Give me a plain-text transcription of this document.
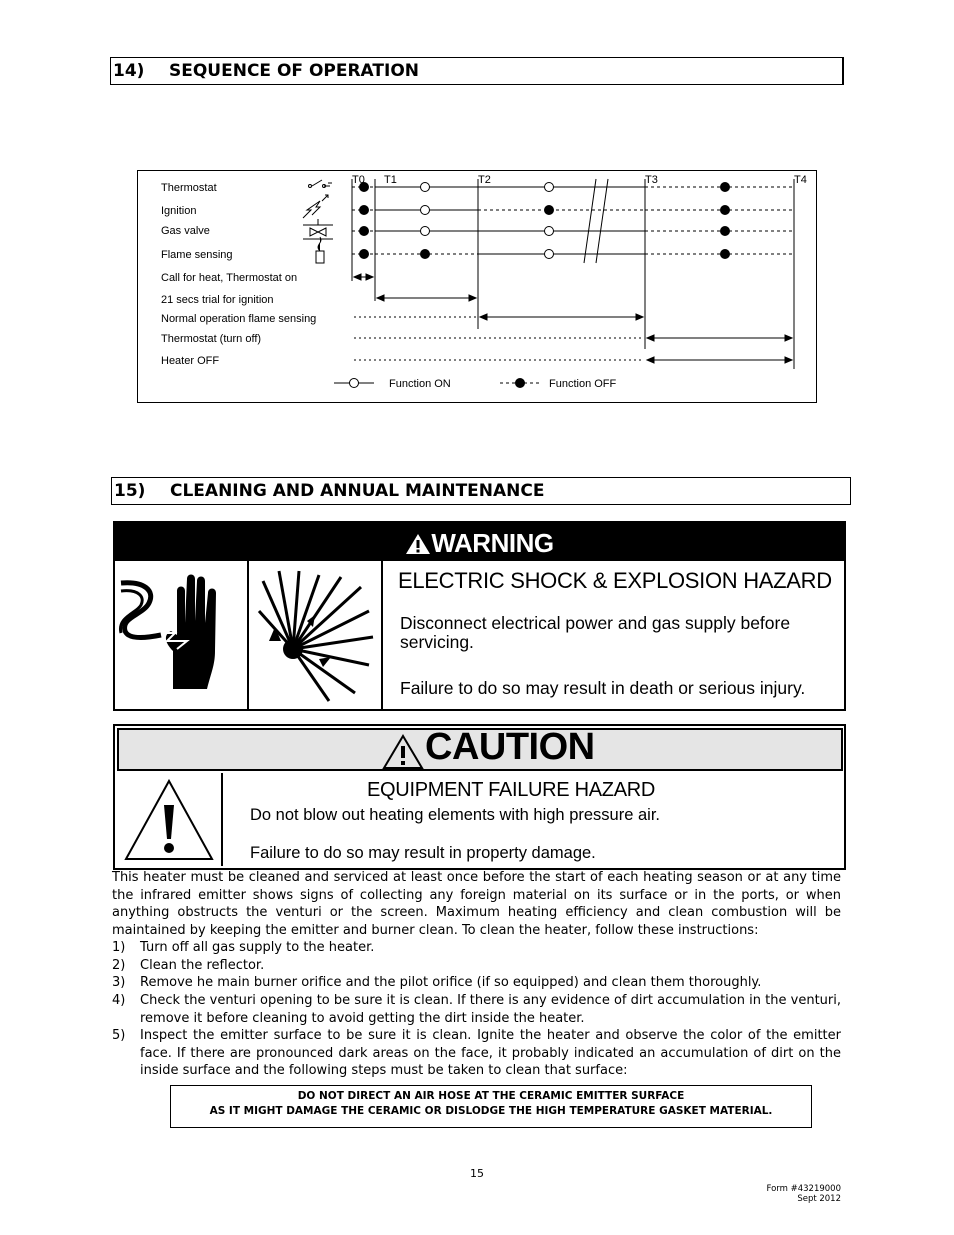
14) SEQUENCE OF OPERATION
Thermostat
Ignition
Gas valve
Flame sensing
Call for heat, Thermostat on
21 secs trial for ignition
Normal operation flame sensing
Thermostat (turn off)
Heater OFF
T0 T1	T2	T3	T4
Function ON	Function OFF
15) CLEANING AND ANNUAL MAINTENANCE
WARNING
ELECTRIC SHOCK & EXPLOSION HAZARD
Disconnect electrical power and gas supply before servicing.
Failure to do so may result in death or serious injury.
CAUTION
EQUIPMENT FAILURE HAZARD
Do not blow out heating elements with high pressure air.
Failure to do so may result in property damage.
This heater must be cleaned and serviced at least once before the start of each heating season or at any time the infrared emitter shows signs of collecting any foreign material on its surface or in the ports, or when anything obstructs the venturi or the screen. Maximum heating efficiency and clean combustion will be maintained by keeping the emitter and burner clean. To clean the heater, follow these instructions:
1) Turn off all gas supply to the heater.
2) Clean the reflector.
3) Remove he main burner orifice and the pilot orifice (if so equipped) and clean them thoroughly.
4) Check the venturi opening to be sure it is clean. If there is any evidence of dirt accumulation in the venturi, remove it before cleaning to avoid getting the dirt inside the heater.
5) Inspect the emitter surface to be sure it is clean. Ignite the heater and observe the color of the emitter face. If there are pronounced dark areas on the face, it probably indicated an accumulation of dirt on the inside surface and the following steps must be taken to clean that surface:
DO NOT DIRECT AN AIR HOSE AT THE CERAMIC EMITTER SURFACE
AS IT MIGHT DAMAGE THE CERAMIC OR DISLODGE THE HIGH TEMPERATURE GASKET MATERIAL.
15
Form #43219000
Sept 2012
